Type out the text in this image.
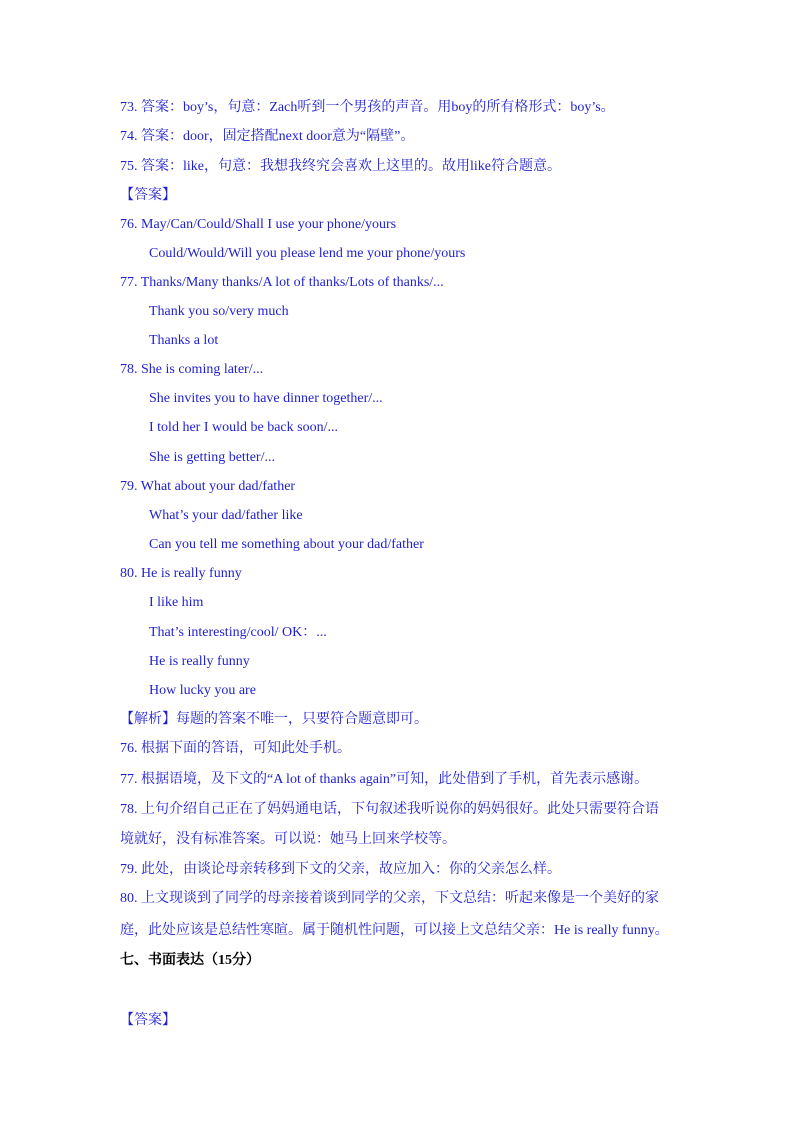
73. 答案：boy’s，句意：Zach听到一个男孩的声音。用boy的所有格形式：boy’s。
74. 答案：door，固定搭配next door意为“隔壁”。
75. 答案：like，句意：我想我终究会喜欢上这里的。故用like符合题意。
【答案】
76. May/Can/Could/Shall I use your phone/yours
Could/Would/Will you please lend me your phone/yours
77. Thanks/Many thanks/A lot of thanks/Lots of thanks/...
Thank you so/very much
Thanks a lot
78. She is coming later/...
She invites you to have dinner together/...
I told her I would be back soon/...
She is getting better/...
79. What about your dad/father
What’s your dad/father like
Can you tell me something about your dad/father
80. He is really funny
I like him
That’s interesting/cool/ OK：...
He is really funny
How lucky you are
【解析】每题的答案不唯一，只要符合题意即可。
76. 根据下面的答语，可知此处手机。
77. 根据语境，及下文的“A lot of thanks again”可知，此处借到了手机，首先表示感谢。
78. 上句介绍自己正在了妈妈通电话，下句叙述我听说你的妈妈很好。此处只需要符合语
境就好，没有标准答案。可以说：她马上回来学校等。
79. 此处，由谈论母亲转移到下文的父亲，故应加入：你的父亲怎么样。
80. 上文现谈到了同学的母亲接着谈到同学的父亲，下文总结：听起来像是一个美好的家
庭，此处应该是总结性寒暄。属于随机性问题，可以接上文总结父亲：He is really funny。
七、书面表达（15分）
【答案】
